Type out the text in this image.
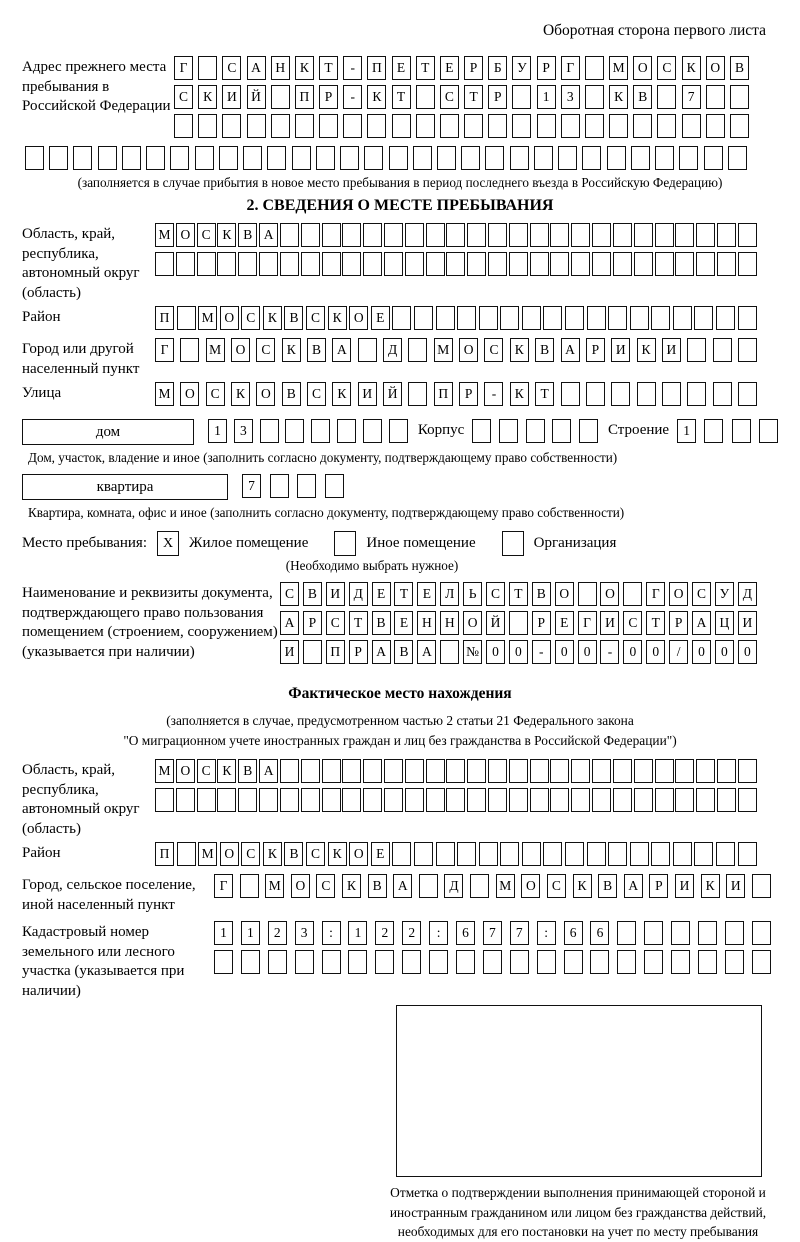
Оборотная сторона первого листа
Адрес прежнего места пребывания в Российской Федерации
Г	С	А	Н	К	Т	-	П	Е	Т	Е	Р	Б	У	Р	Г	М О	С	К	О	В
С	К	И	Й	П	Р	-	К	Т	С	Т	Р	1	3	К	В	7
(заполняется в случае прибытия в новое место пребывания в период последнего въезда в Российскую Федерацию)
2. СВЕДЕНИЯ О МЕСТЕ ПРЕБЫВАНИЯ
Область, край, республика, автономный округ (область)
М О С К В А
Район	П	М О С К В С К О Е
Город или другой населенный пункт
Г	М	О	С	К	В	А	Д	М	О	С	К	В	А	Р	И	К	И
Улица	М	О	С	К	О	В	С	К	И	Й	П	Р	-	К	Т
дом	1	3	Корпус	Строение	1
Дом, участок, владение и иное (заполнить согласно документу, подтверждающему право собственности)
квартира	7
Квартира, комната, офис и иное (заполнить согласно документу, подтверждающему право собственности)
Место пребывания:	X	Жилое помещение	Иное помещение	Организация
(Необходимо выбрать нужное)
Наименование и реквизиты документа, подтверждающего право пользования помещением (строением, сооружением) (указывается при наличии)
С	В	И Д	Е	Т	Е	Л	Ь	С	Т	В	О	О	Г	О	С	У	Д
А	Р	С	Т	В	Е	Н Н О Й	Р	Е	Г	И	С	Т	Р	А Ц И
И	П	Р	А	В	А	№ 0	0	-	0	0	-	0	0	/	0	0	0
Фактическое место нахождения
(заполняется в случае, предусмотренном частью 2 статьи 21 Федерального закона
"О миграционном учете иностранных граждан и лиц без гражданства в Российской Федерации")
Область, край, республика, автономный округ (область)
М О С К В А
Район	П	М О С К В С К О Е
Город, сельское поселение, иной населенный пункт
Г	М	О	С	К	В	А	Д	М	О	С	К	В	А	Р	И	К	И
Кадастровый номер земельного или лесного участка (указывается при наличии)
1	1	2	3	:	1	2	2	:	6	7	7	:	6	6
Отметка о подтверждении выполнения принимающей стороной и иностранным гражданином или лицом без гражданства действий, необходимых для его постановки на учет по месту пребывания
